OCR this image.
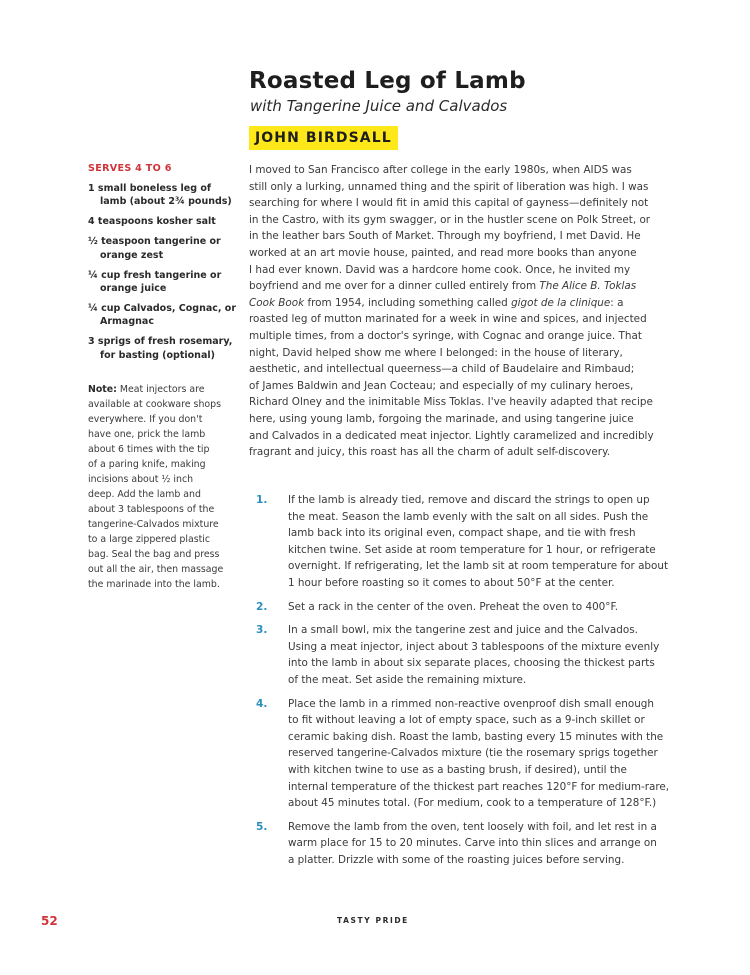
Roasted Leg of Lamb

with Tangerine Juice and Calvados

JOHN BIRDSALL
SERVES 4 TO 6
1 small boneless leg of
lamb (about 2¾ pounds)
4 teaspoons kosher salt
½ teaspoon tangerine or
orange zest
¼ cup fresh tangerine or
orange juice
¼ cup Calvados, Cognac, or
Armagnac
3 sprigs of fresh rosemary,
for basting (optional)
Note: Meat injectors are
available at cookware shops
everywhere. If you don't
have one, prick the lamb
about 6 times with the tip
of a paring knife, making
incisions about ½ inch
deep. Add the lamb and
about 3 tablespoons of the
tangerine-Calvados mixture
to a large zippered plastic
bag. Seal the bag and press
out all the air, then massage
the marinade into the lamb.
I moved to San Francisco after college in the early 1980s, when AIDS was
still only a lurking, unnamed thing and the spirit of liberation was high. I was
searching for where I would fit in amid this capital of gayness—definitely not
in the Castro, with its gym swagger, or in the hustler scene on Polk Street, or
in the leather bars South of Market. Through my boyfriend, I met David. He
worked at an art movie house, painted, and read more books than anyone
I had ever known. David was a hardcore home cook. Once, he invited my
boyfriend and me over for a dinner culled entirely from The Alice B. Toklas
Cook Book from 1954, including something called gigot de la clinique: a
roasted leg of mutton marinated for a week in wine and spices, and injected
multiple times, from a doctor's syringe, with Cognac and orange juice. That
night, David helped show me where I belonged: in the house of literary,
aesthetic, and intellectual queerness—a child of Baudelaire and Rimbaud;
of James Baldwin and Jean Cocteau; and especially of my culinary heroes,
Richard Olney and the inimitable Miss Toklas. I've heavily adapted that recipe
here, using young lamb, forgoing the marinade, and using tangerine juice
and Calvados in a dedicated meat injector. Lightly caramelized and incredibly
fragrant and juicy, this roast has all the charm of adult self-discovery.
1. If the lamb is already tied, remove and discard the strings to open up
the meat. Season the lamb evenly with the salt on all sides. Push the
lamb back into its original even, compact shape, and tie with fresh
kitchen twine. Set aside at room temperature for 1 hour, or refrigerate
overnight. If refrigerating, let the lamb sit at room temperature for about
1 hour before roasting so it comes to about 50°F at the center.
2. Set a rack in the center of the oven. Preheat the oven to 400°F.
3. In a small bowl, mix the tangerine zest and juice and the Calvados.
Using a meat injector, inject about 3 tablespoons of the mixture evenly
into the lamb in about six separate places, choosing the thickest parts
of the meat. Set aside the remaining mixture.
4. Place the lamb in a rimmed non-reactive ovenproof dish small enough
to fit without leaving a lot of empty space, such as a 9-inch skillet or
ceramic baking dish. Roast the lamb, basting every 15 minutes with the
reserved tangerine-Calvados mixture (tie the rosemary sprigs together
with kitchen twine to use as a basting brush, if desired), until the
internal temperature of the thickest part reaches 120°F for medium-rare,
about 45 minutes total. (For medium, cook to a temperature of 128°F.)
5. Remove the lamb from the oven, tent loosely with foil, and let rest in a
warm place for 15 to 20 minutes. Carve into thin slices and arrange on
a platter. Drizzle with some of the roasting juices before serving.
52	TASTY PRIDE
